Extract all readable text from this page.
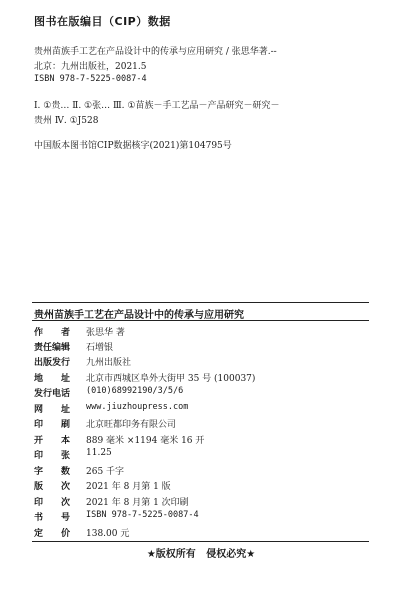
图书在版编目（CIP）数据
贵州苗族手工艺在产品设计中的传承与应用研究 / 张思华著.--
北京：九州出版社，2021.5
ISBN 978-7-5225-0087-4
Ⅰ. ①贵… Ⅱ. ①张… Ⅲ. ①苗族－手工艺品－产品研究－研究－
贵州 Ⅳ. ①J528
中国版本图书馆CIP数据核字(2021)第104795号
贵州苗族手工艺在产品设计中的传承与应用研究
作 者 张思华 著
责任编辑	石增银
出版发行	九州出版社
地 址 北京市西城区阜外大街甲 35 号 (100037)
发行电话	(010)68992190/3/5/6
网 址 www.jiuzhoupress.com
印 刷 北京旺都印务有限公司
开 本 889 毫米 ×1194 毫米 16 开
印 张 11.25
字 数 265 千字
版 次 2021 年 8 月第 1 版
印 次 2021 年 8 月第 1 次印刷
书 号 ISBN 978-7-5225-0087-4
定 价 138.00 元
★版权所有   侵权必究★
